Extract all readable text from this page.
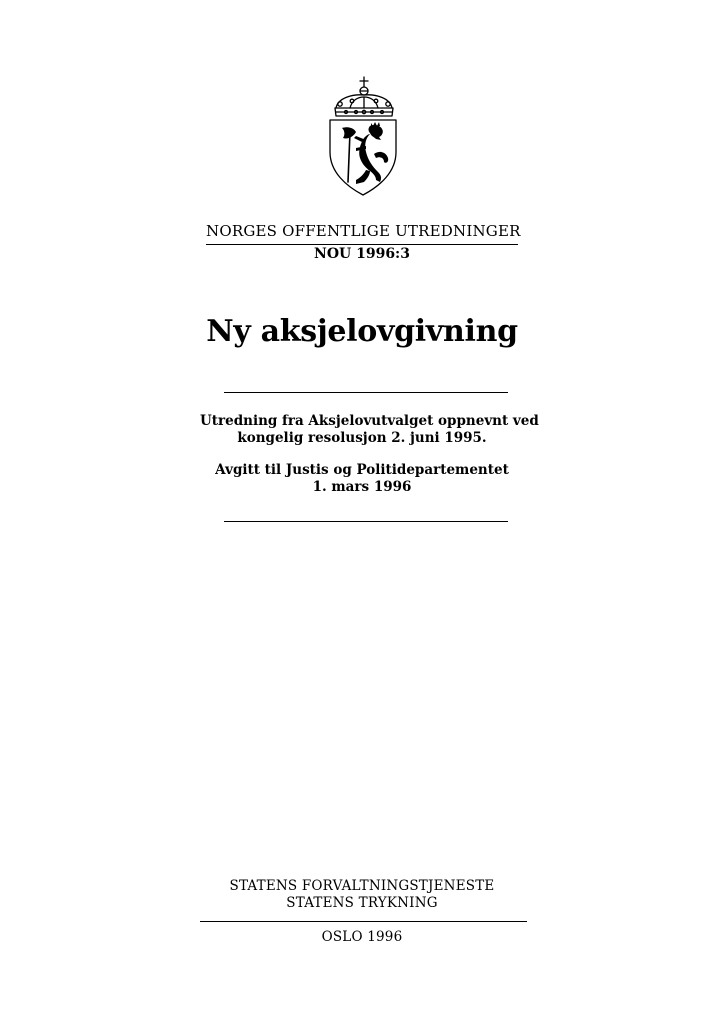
NORGES OFFENTLIGE UTREDNINGER
NOU 1996:3
Ny aksjelovgivning
Utredning fra Aksjelovutvalget oppnevnt ved
kongelig resolusjon 2. juni 1995.
Avgitt til Justis og Politidepartementet
1. mars 1996
STATENS FORVALTNINGSTJENESTE
STATENS TRYKNING
OSLO 1996
